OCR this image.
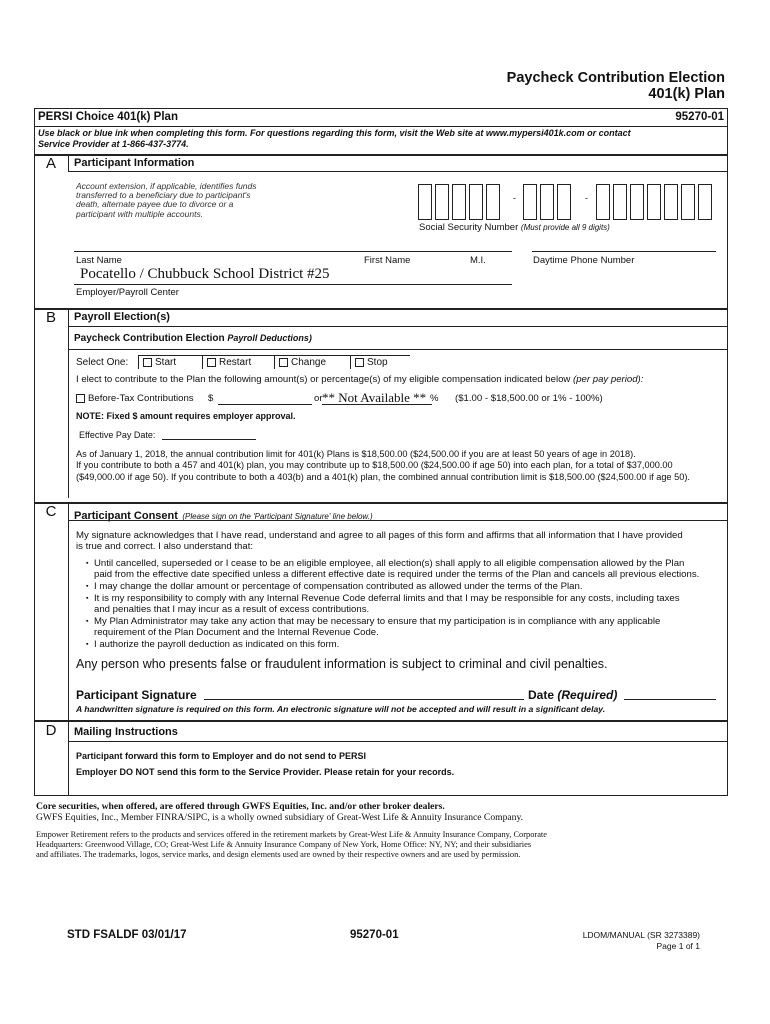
Paycheck Contribution Election
401(k) Plan
PERSI Choice 401(k) Plan	95270-01
Use black or blue ink when completing this form. For questions regarding this form, visit the Web site at www.mypersi401k.com or contact
Service Provider at 1-866-437-3774.
A	Participant Information
Account extension, if applicable, identifies funds
transferred to a beneficiary due to participant's
death, alternate payee due to divorce or a
participant with multiple accounts.
-	-
Social Security Number (Must provide all 9 digits)
Last Name	First Name	M.I.	Daytime Phone Number
Pocatello / Chubbuck School District #25
Employer/Payroll Center
B	Payroll Election(s)
Paycheck Contribution Election Payroll Deductions)
Select One:	Start	Restart	Change	Stop
I elect to contribute to the Plan the following amount(s) or percentage(s) of my eligible compensation indicated below (per pay period):
Before-Tax Contributions $	or ** Not Available ** % ($1.00 - $18,500.00 or 1% - 100%)
NOTE: Fixed $ amount requires employer approval.
Effective Pay Date:
As of January 1, 2018, the annual contribution limit for 401(k) Plans is $18,500.00 ($24,500.00 if you are at least 50 years of age in 2018).
If you contribute to both a 457 and 401(k) plan, you may contribute up to $18,500.00 ($24,500.00 if age 50) into each plan, for a total of $37,000.00
($49,000.00 if age 50). If you contribute to both a 403(b) and a 401(k) plan, the combined annual contribution limit is $18,500.00 ($24,500.00 if age 50).
C	Participant Consent (Please sign on the 'Participant Signature' line below.)
My signature acknowledges that I have read, understand and agree to all pages of this form and affirms that all information that I have provided
is true and correct. I also understand that:
▪ Until cancelled, superseded or I cease to be an eligible employee, all election(s) shall apply to all eligible compensation allowed by the Plan
paid from the effective date specified unless a different effective date is required under the terms of the Plan and cancels all previous elections.
▪ I may change the dollar amount or percentage of compensation contributed as allowed under the terms of the Plan.
▪ It is my responsibility to comply with any Internal Revenue Code deferral limits and that I may be responsible for any costs, including taxes
and penalties that I may incur as a result of excess contributions.
▪ My Plan Administrator may take any action that may be necessary to ensure that my participation is in compliance with any applicable
requirement of the Plan Document and the Internal Revenue Code.
▪ I authorize the payroll deduction as indicated on this form.
Any person who presents false or fraudulent information is subject to criminal and civil penalties.
Participant Signature	Date (Required)
A handwritten signature is required on this form. An electronic signature will not be accepted and will result in a significant delay.
D	Mailing Instructions
Participant forward this form to Employer and do not send to PERSI
Employer DO NOT send this form to the Service Provider. Please retain for your records.
Core securities, when offered, are offered through GWFS Equities, Inc. and/or other broker dealers.
GWFS Equities, Inc., Member FINRA/SIPC, is a wholly owned subsidiary of Great-West Life & Annuity Insurance Company.
Empower Retirement refers to the products and services offered in the retirement markets by Great-West Life & Annuity Insurance Company, Corporate
Headquarters: Greenwood Village, CO; Great-West Life & Annuity Insurance Company of New York, Home Office: NY, NY; and their subsidiaries
and affiliates. The trademarks, logos, service marks, and design elements used are owned by their respective owners and are used by permission.
STD FSALDF 03/01/17	95270-01	LDOM/MANUAL (SR 3273389)
Page 1 of 1
